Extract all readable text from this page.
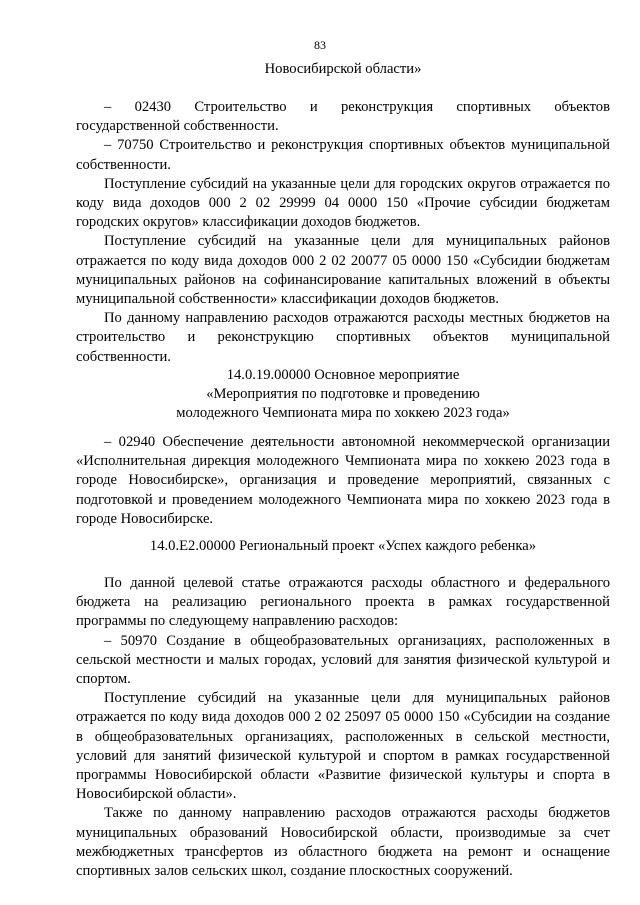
83
Новосибирской области»

– 02430 Строительство и реконструкция спортивных объектов

государственной собственности.

– 70750 Строительство и реконструкция спортивных объектов муниципальной собственности.

Поступление субсидий на указанные цели для городских округов отражается по коду вида доходов 000 2 02 29999 04 0000 150 «Прочие субсидии бюджетам городских округов» классификации доходов бюджетов.

Поступление субсидий на указанные цели для муниципальных районов отражается по коду вида доходов 000 2 02 20077 05 0000 150 «Субсидии бюджетам муниципальных районов на софинансирование капитальных вложений в объекты муниципальной собственности» классификации доходов бюджетов.

По данному направлению расходов отражаются расходы местных бюджетов на строительство и реконструкцию спортивных объектов муниципальной собственности.

14.0.19.00000 Основное мероприятие

«Мероприятия по подготовке и проведению

молодежного Чемпионата мира по хоккею 2023 года»

– 02940 Обеспечение деятельности автономной некоммерческой организации «Исполнительная дирекция молодежного Чемпионата мира по хоккею 2023 года в городе Новосибирске», организация и проведение мероприятий, связанных с подготовкой и проведением молодежного Чемпионата мира по хоккею 2023 года в городе Новосибирске.

14.0.Е2.00000 Региональный проект «Успех каждого ребенка»

По данной целевой статье отражаются расходы областного и федерального бюджета на реализацию регионального проекта в рамках государственной программы по следующему направлению расходов:

– 50970 Создание в общеобразовательных организациях, расположенных в сельской местности и малых городах, условий для занятия физической культурой и спортом.

Поступление субсидий на указанные цели для муниципальных районов отражается по коду вида доходов 000 2 02 25097 05 0000 150 «Субсидии на создание в общеобразовательных организациях, расположенных в сельской местности, условий для занятий физической культурой и спортом в рамках государственной программы Новосибирской области «Развитие физической культуры и спорта в Новосибирской области».

Также по данному направлению расходов отражаются расходы бюджетов муниципальных образований Новосибирской области, производимые за счет межбюджетных трансфертов из областного бюджета на ремонт и оснащение спортивных залов сельских школ, создание плоскостных сооружений.
